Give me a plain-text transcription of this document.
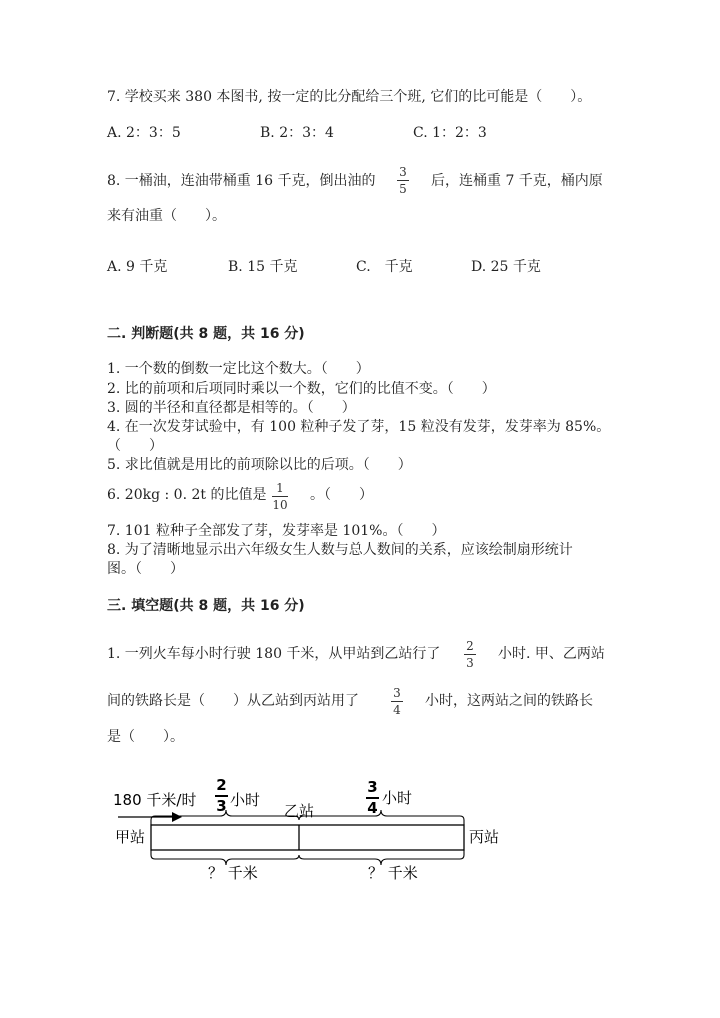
7. 学校买来 380 本图书, 按一定的比分配给三个班, 它们的比可能是（　　）。
A. 2：3：5	B. 2：3：4	C. 1：2：3
8. 一桶油，连油带桶重 16 千克，倒出油的
3
5 后，连桶重 7 千克，桶内原
来有油重（　　）。
A. 9 千克	B. 15 千克	C.　千克	D. 25 千克
二. 判断题(共 8 题，共 16 分)
1. 一个数的倒数一定比这个数大。（　　）
2. 比的前项和后项同时乘以一个数，它们的比值不变。（　　）
3. 圆的半径和直径都是相等的。（　　）
4. 在一次发芽试验中，有 100 粒种子发了芽，15 粒没有发芽，发芽率为 85%。
（　　）
5. 求比值就是用比的前项除以比的后项。（　　）
6. 20kg : 0. 2t 的比值是 1
10
。（　　）
7. 101 粒种子全部发了芽，发芽率是 101%。（　　）
8. 为了清晰地显示出六年级女生人数与总人数间的关系，应该绘制扇形统计
图。（　　）
三. 填空题(共 8 题，共 16 分)
1. 一列火车每小时行驶 180 千米，从甲站到乙站行了 2
3
小时. 甲、乙两站
间的铁路长是（　　）从乙站到丙站用了	3
4
小时，这两站之间的铁路长
是（　　）。
180 千米/时
2
3 小时
3
4
小时
乙站
甲站	丙站
？ 千米	？ 千米
